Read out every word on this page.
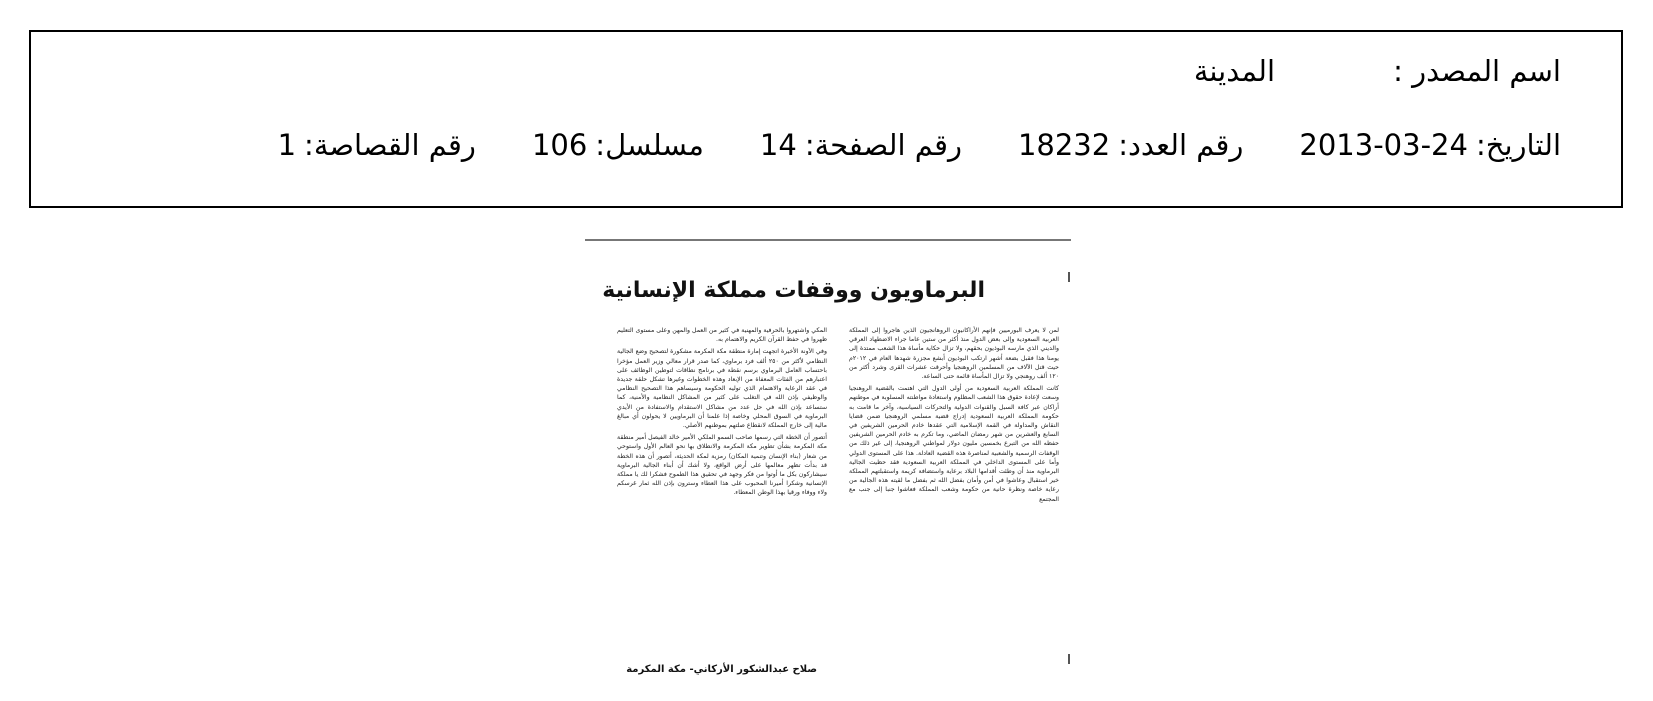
اسم المصدر :
المدينة
التاريخ:
2013-03-24
رقم العدد:
18232
رقم الصفحة:
14
مسلسل:
106
رقم القصاصة:
1
البرماويون ووقفات مملكة الإنسانية

لمن لا يعرف البورميين فإنهم الأراكانيون الروهانجيون الذين هاجروا إلى المملكة العربية السعودية وإلى بعض الدول منذ أكثر من ستين عاما جراء الاضطهاد العرقي والديني الذي مارسه البوذيون بحقهم، ولا تزال حكاية مأساة هذا الشعب ممتدة إلى يومنا هذا فقبل بضعة أشهر ارتكب البوذيون أبشع مجزرة شهدها العام في ٢٠١٢م حيث قتل الآلاف من المسلمين الروهنجيا وأحرقت عشرات القرى وشرد أكثر من ١٢٠ ألف روهنجي ولا تزال المأساة قائمة حتى الساعة.

كانت المملكة العربية السعودية من أولى الدول التي اهتمت بالقضية الروهنجيا وسعت لإعادة حقوق هذا الشعب المظلوم واستعادة مواطنته المسلوبة في موطنهم أراكان عبر كافة السبل والقنوات الدولية والتحركات السياسية، وآخر ما قامت به حكومة المملكة العربية السعودية إدراج قضية مسلمي الروهنجيا ضمن قضايا النقاش والمداولة في القمة الإسلامية التي عقدها خادم الحرمين الشريفين في السابع والعشرين من شهر رمضان الماضي، وما تكرم به خادم الحرمين الشريفين حفظه الله من التبرع بخمسين مليون دولار لمواطني الروهنجيا، إلى غير ذلك من الوقفات الرسمية والشعبية لمناصرة هذه القضية العادلة. هذا على المستوى الدولي وأما على المستوى الداخلي في المملكة العربية السعودية فقد حظيت الجالية البرماوية منذ أن وطئت أقدامها البلاد برعاية واستضافة كريمة واستقبلتهم المملكة خير استقبال وعاشوا في أمن وأمان بفضل الله ثم بفضل ما لقيته هذه الجالية من رعاية خاصة ونظرة حانية من حكومة وشعب المملكة فعاشوا جنبا إلى جنب مع المجتمع

المكي واشتهروا بالحرفية والمهنية في كثير من العمل والمهن وعلى مستوى التعليم ظهروا في حفظ القرآن الكريم والاهتمام به.

وفي الآونة الأخيرة اتجهت إمارة منطقة مكة المكرمة مشكورة لتصحيح وضع الجالية النظامي لأكثر من ٢٥٠ ألف فرد برماوي، كما صدر قرار معالي وزير العمل مؤخرا باحتساب العامل البرماوي برسم نقطة في برنامج نطاقات لتوطين الوظائف على اعتبارهم من الفئات المعفاة من الإبعاد وهذه الخطوات وغيرها تشكل حلقة جديدة في عقد الرعاية والاهتمام الذي توليه الحكومة وسيساهم هذا التصحيح النظامي والوظيفي بإذن الله في التغلب على كثير من المشاكل النظامية والأمنية، كما ستساعد بإذن الله في حل عدد من مشاكل الاستقدام والاستفادة من الأيدي البرماوية في السوق المحلي وخاصة إذا علمنا أن البرماويين لا يحولون أي مبالغ مالية إلى خارج المملكة لانقطاع صلتهم بموطنهم الأصلي.

أتصور أن الخطة التي رسمها صاحب السمو الملكي الأمير خالد الفيصل أمير منطقة مكة المكرمة بشأن تطوير مكة المكرمة والانطلاق بها نحو العالم الأول واستوحي من شعار (بناء الإنسان وتنمية المكان) رمزية لمكة الحديثة، أتصور أن هذه الخطة قد بدأت تظهر معالمها على أرض الواقع، ولا أشك أن أبناء الجالية البرماوية سيشاركون بكل ما أوتوا من فكر وجهد في تحقيق هذا الطموح فشكرا لك يا مملكة الإنسانية وشكرا أميرنا المحبوب على هذا العطاء وسترون بإذن الله ثمار غرسكم ولاء ووفاء ورقيا بهذا الوطن المعطاء.

صلاح عبدالشكور الأركاني- مكة المكرمة
